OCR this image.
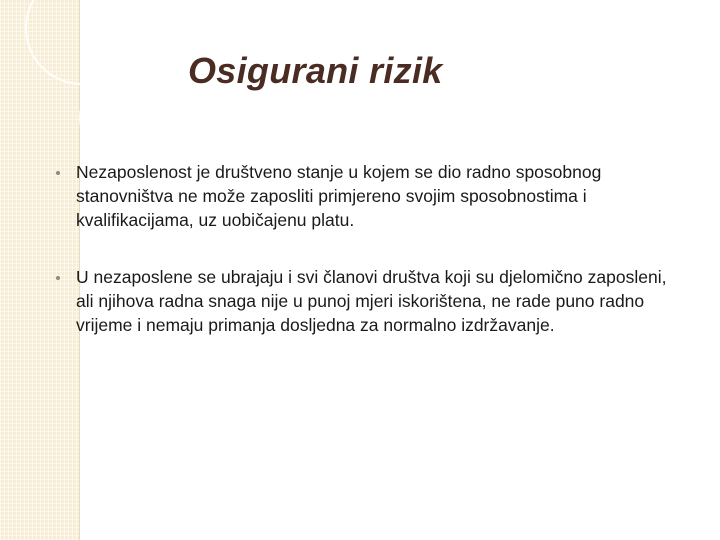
Osigurani rizik
Nezaposlenost je društveno stanje u kojem se dio radno sposobnog stanovništva ne može zaposliti primjereno svojim sposobnostima i kvalifikacijama, uz uobičajenu platu.
U nezaposlene se ubrajaju i svi članovi društva koji su djelomično zaposleni, ali njihova radna snaga nije u punoj mjeri iskorištena, ne rade puno radno vrijeme i nemaju primanja dosljedna za normalno izdržavanje.
